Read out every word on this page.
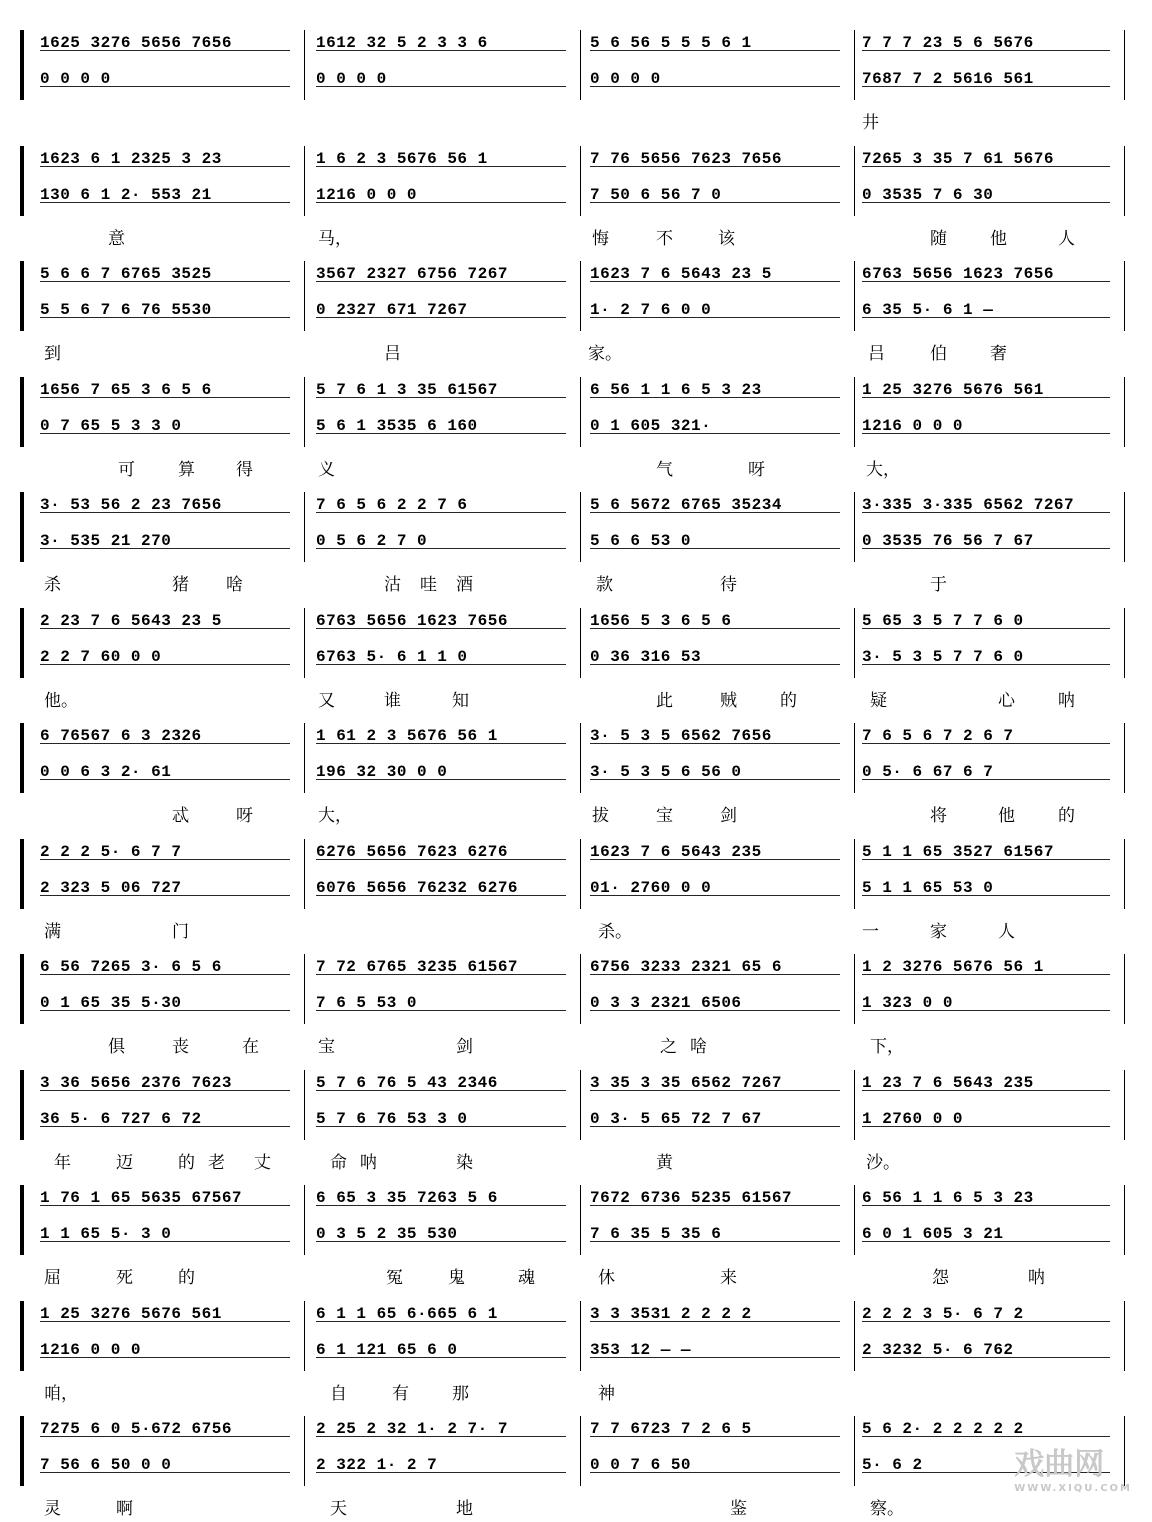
1625 3276 5656 7656
0 0 0 0
1612 32 5 2 3 3 6
0 0 0 0
5 6 56 5 5 5 6 1
0 0 0 0
7 7 7 23 5 6 5676
7687 7 2 5616 561
井
1623 6 1 2325 3 23
130 6 1 2· 553 21
1 6 2 3 5676 56 1
1216 0 0 0
7 76 5656 7623 7656
7 50 6 56 7 0
7265 3 35 7 61 5676
0 3535 7 6 30
意	马，	悔	不	该	随	他	人
5 6 6 7 6765 3525
5 5 6 7 6 76 5530
3567 2327 6756 7267
0 2327 671 7267
1623 7 6 5643 23 5
1· 2 7 6 0 0
6763 5656 1623 7656
6 35 5· 6 1 —
到	吕	家。	吕	伯	奢
1656 7 65 3 6 5 6
0 7 65 5 3 3 0
5 7 6 1 3 35 61567
5 6 1 3535 6 160
6 56 1 1 6 5 3 23
0 1 605 321·
1 25 3276 5676 561
1216 0 0 0
可	算 得	义	气	呀	大，
3· 53 56 2 23 7656
3· 535 21 270
7 6 5 6 2 2 7 6
0 5 6 2 7 0
5 6 5672 6765 35234
5 6 6 53 0
3·335 3·335 6562 7267
0 3535 76 56 7 67
杀	猪 啥	沽 哇 酒	款	待	于
2 23 7 6 5643 23 5
2 2 7 60 0 0
6763 5656 1623 7656
6763 5· 6 1 1 0
1656 5 3 6 5 6
0 36 316 53
5 65 3 5 7 7 6 0
3· 5 3 5 7 7 6 0
他。	又	谁	知	此	贼	的	疑	心	呐
6 76567 6 3 2326
0 0 6 3 2· 61
1 61 2 3 5676 56 1
196 32 30 0 0
3· 5 3 5 6562 7656
3· 5 3 5 6 56 0
7 6 5 6 7 2 6 7
0 5· 6 67 6 7
忒	呀	大，	拔	宝	剑	将	他	的
2 2 2 5· 6 7 7
2 323 5 06 727
6276 5656 7623 6276
6076 5656 76232 6276
1623 7 6 5643 235
01· 2760 0 0
5 1 1 65 3527 61567
5 1 1 65 53 0
满	门	杀。	一	家	人
6 56 7265 3· 6 5 6
0 1 65 35 5·30
7 72 6765 3235 61567
7 6 5 53 0
6756 3233 2321 65 6
0 3 3 2321 6506
1 2 3276 5676 56 1
1 323 0 0
俱	丧	在	宝	剑	之 啥	下，
3 36 5656 2376 7623
36 5· 6 727 6 72
5 7 6 76 5 43 2346
5 7 6 76 53 3 0
3 35 3 35 6562 7267
0 3· 5 65 72 7 67
1 23 7 6 5643 235
1 2760 0 0
年	迈	的 老 丈	命 呐	染	黄	沙。
1 76 1 65 5635 67567
1 1 65 5· 3 0
6 65 3 35 7263 5 6
0 3 5 2 35 530
7672 6736 5235 61567
7 6 35 5 35 6
6 56 1 1 6 5 3 23
6 0 1 605 3 21
屈	死	的	冤	鬼	魂	休	来	怨	呐
1 25 3276 5676 561
1216 0 0 0
6 1 1 65 6·665 6 1
6 1 121 65 6 0
3 3 3531 2 2 2 2
353 12 — —
2 2 2 3 5· 6 7 2
2 3232 5· 6 762
咱，	自	有	那	神
7275 6 0 5·672 6756
7 56 6 50 0 0
2 25 2 32 1· 2 7· 7
2 322 1· 2 7
7 7 6723 7 2 6 5
0 0 7 6 50
5 6 2· 2 2 2 2 2
5· 6 2
灵	啊	天	地	鉴	察。
戏曲网
WWW.XIQU.COM
